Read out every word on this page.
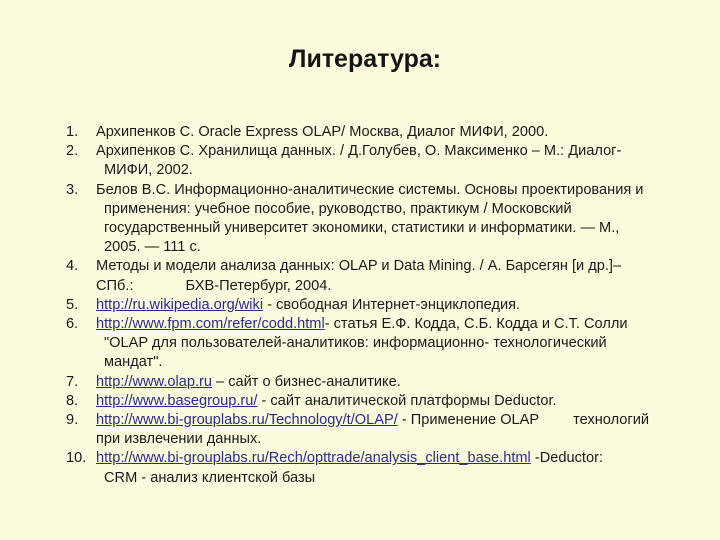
Литература:
1. Архипенков С. Oracle Express OLAP/ Москва, Диалог МИФИ, 2000.
2. Архипенков С. Хранилища данных. / Д.Голубев, О. Максименко – М.: Диалог-
МИФИ, 2002.
3. Белов В.С. Информационно-аналитические системы. Основы проектирования и
применения: учебное пособие, руководство, практикум / Московский
государственный университет экономики, статистики и информатики. — М.,
2005. — 111 с.
4. Методы и модели анализа данных: OLAP и Data Mining. / А. Барсегян [и др.]–
СПб.:	БХВ-Петербург, 2004.
5. http://ru.wikipedia.org/wiki - свободная Интернет-энциклопедия.
6. http://www.fpm.com/refer/codd.html- статья Е.Ф. Кодда, С.Б. Кодда и С.Т. Солли
"OLAP для пользователей-аналитиков: информационно- технологический
мандат".
7. http://www.olap.ru – сайт о бизнес-аналитике.
8. http://www.basegroup.ru/ - сайт аналитической платформы Deductor.
9. http://www.bi-grouplabs.ru/Technology/t/OLAP/ - Применение OLAP технологий
при извлечении данных.
10. http://www.bi-grouplabs.ru/Rech/opttrade/analysis_client_base.html -Deductor:
CRM - анализ клиентской базы
